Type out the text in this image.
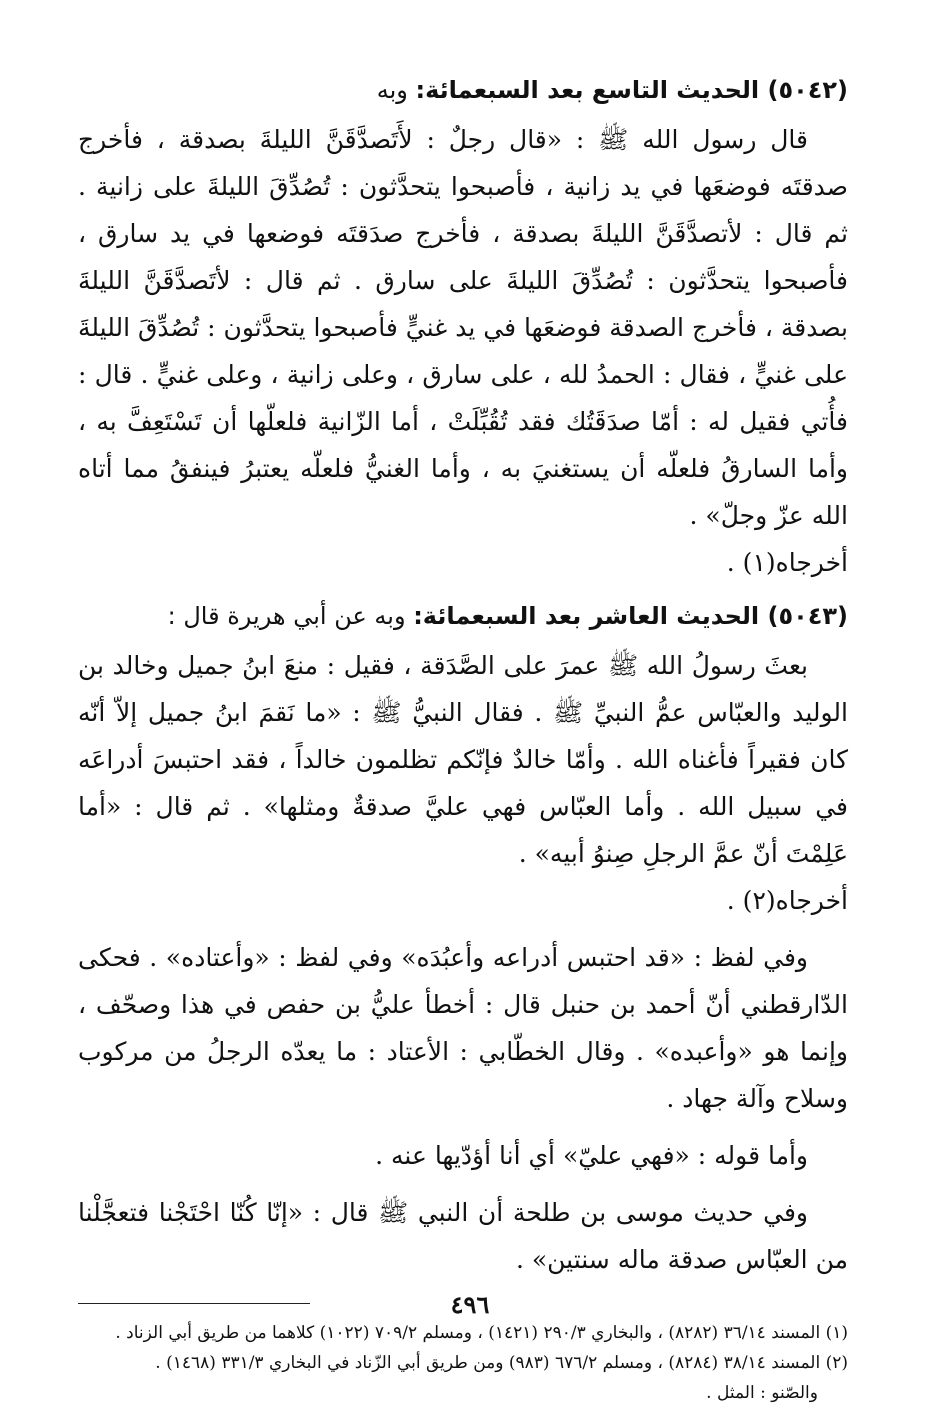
(٥٠٤٢) الحديث التاسع بعد السبعمائة: وبه

قال رسول الله ﷺ : «قال رجلٌ : لأَتَصدَّقَنَّ الليلةَ بصدقة ، فأخرج صدقتَه فوضعَها في يد زانية ، فأصبحوا يتحدَّثون : تُصُدِّقَ الليلةَ على زانية . ثم قال : لأتصدَّقَنَّ الليلةَ بصدقة ، فأخرج صدَقتَه فوضعها في يد سارق ، فأصبحوا يتحدَّثون : تُصُدِّقَ الليلةَ على سارق . ثم قال : لأتَصدَّقَنَّ الليلةَ بصدقة ، فأخرج الصدقة فوضعَها في يد غنيٍّ فأصبحوا يتحدَّثون : تُصُدِّقَ الليلةَ على غنيٍّ ، فقال : الحمدُ لله ، على سارق ، وعلى زانية ، وعلى غنيٍّ . قال : فأُتي فقيل له : أمّا صدَقَتُك فقد تُقُبِّلَتْ ، أما الزّانية فلعلّها أن تَسْتَعِفَّ به ، وأما السارقُ فلعلّه أن يستغنيَ به ، وأما الغنيُّ فلعلّه يعتبرُ فينفقُ مما أتاه الله عزّ وجلّ» .

أخرجاه(١) .

(٥٠٤٣) الحديث العاشر بعد السبعمائة: وبه عن أبي هريرة قال :

بعثَ رسولُ الله ﷺ عمرَ على الصَّدَقة ، فقيل : منعَ ابنُ جميل وخالد بن الوليد والعبّاس عمُّ النبيِّ ﷺ . فقال النبيُّ ﷺ : «ما نَقمَ ابنُ جميل إلاّ أنّه كان فقيراً فأغناه الله . وأمّا خالدٌ فإنّكم تظلمون خالداً ، فقد احتبسَ أدراعَه في سبيل الله . وأما العبّاس فهي عليَّ صدقةٌ ومثلها» . ثم قال : «أما عَلِمْتَ أنّ عمَّ الرجلِ صِنوُ أبيه» .

أخرجاه(٢) .

وفي لفظ : «قد احتبس أدراعه وأعبُدَه» وفي لفظ : «وأعتاده» . فحكى الدّارقطني أنّ أحمد بن حنبل قال : أخطأ عليُّ بن حفص في هذا وصحّف ، وإنما هو «وأعبده» . وقال الخطّابي : الأعتاد : ما يعدّه الرجلُ من مركوب وسلاح وآلة جهاد .

وأما قوله : «فهي عليّ» أي أنا أؤدّيها عنه .

وفي حديث موسى بن طلحة أن النبي ﷺ قال : «إنّا كُنّا احْتَجْنا فتعجَّلْنا من العبّاس صدقة ماله سنتين» .

(١) المسند ٣٦/١٤ (٨٢٨٢) ، والبخاري ٢٩٠/٣ (١٤٢١) ، ومسلم ٧٠٩/٢ (١٠٢٢) كلاهما من طريق أبي الزناد .

(٢) المسند ٣٨/١٤ (٨٢٨٤) ، ومسلم ٦٧٦/٢ (٩٨٣) ومن طريق أبي الزّناد في البخاري ٣٣١/٣ (١٤٦٨) .

والصّنو : المثل .

٤٩٦
